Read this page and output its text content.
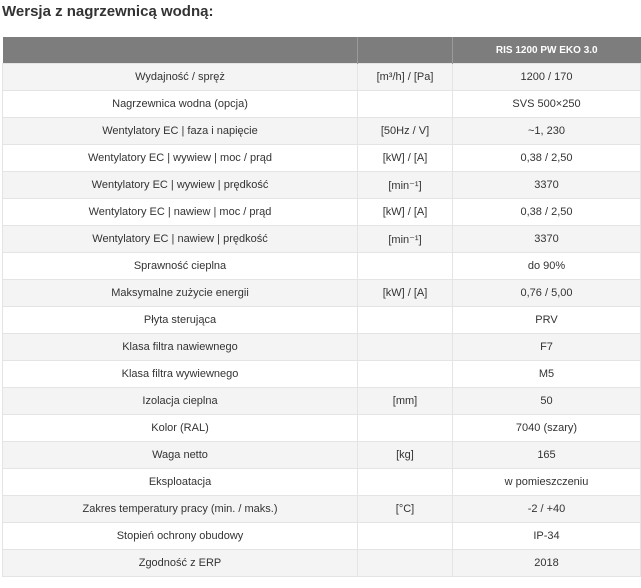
Wersja z nagrzewnicą wodną:
		RIS 1200 PW EKO 3.0
Wydajność / spręż	[m³/h] / [Pa]	1200 / 170
Nagrzewnica wodna (opcja)		SVS 500×250
Wentylatory EC | faza i napięcie	[50Hz / V]	~1, 230
Wentylatory EC | wywiew | moc / prąd	[kW] / [A]	0,38 / 2,50
Wentylatory EC | wywiew | prędkość	[min⁻¹]	3370
Wentylatory EC | nawiew | moc / prąd	[kW] / [A]	0,38 / 2,50
Wentylatory EC | nawiew | prędkość	[min⁻¹]	3370
Sprawność cieplna		do 90%
Maksymalne zużycie energii	[kW] / [A]	0,76 / 5,00
Płyta sterująca		PRV
Klasa filtra nawiewnego		F7
Klasa filtra wywiewnego		M5
Izolacja cieplna	[mm]	50
Kolor (RAL)		7040 (szary)
Waga netto	[kg]	165
Eksploatacja		w pomieszczeniu
Zakres temperatury pracy (min. / maks.)	[°C]	-2 / +40
Stopień ochrony obudowy		IP-34
Zgodność z ERP		2018
